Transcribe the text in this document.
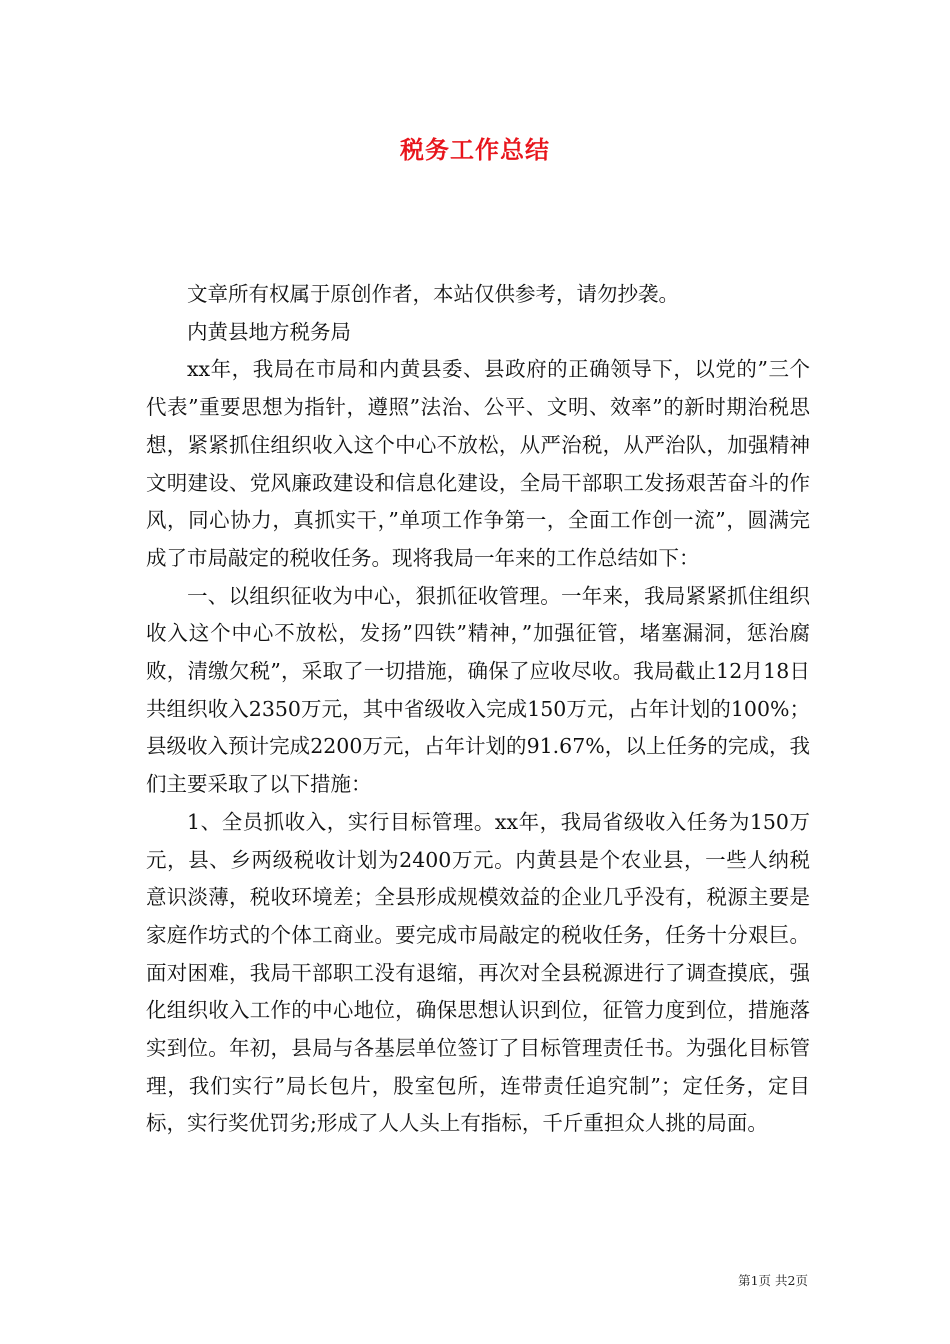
税务工作总结

文章所有权属于原创作者，本站仅供参考，请勿抄袭。

内黄县地方税务局

xx年，我局在市局和内黄县委、县政府的正确领导下，以党的”三个代表”重要思想为指针，遵照”法治、公平、文明、效率”的新时期治税思想，紧紧抓住组织收入这个中心不放松，从严治税，从严治队，加强精神文明建设、党风廉政建设和信息化建设，全局干部职工发扬艰苦奋斗的作风，同心协力，真抓实干，”单项工作争第一，全面工作创一流”，圆满完成了市局敲定的税收任务。现将我局一年来的工作总结如下：

一、以组织征收为中心，狠抓征收管理。一年来，我局紧紧抓住组织收入这个中心不放松，发扬”四铁”精神，”加强征管，堵塞漏洞，惩治腐败，清缴欠税”，采取了一切措施，确保了应收尽收。我局截止12月18日共组织收入2350万元，其中省级收入完成150万元，占年计划的100%；县级收入预计完成2200万元，占年计划的91.67%，以上任务的完成，我们主要采取了以下措施：

1、全员抓收入，实行目标管理。xx年，我局省级收入任务为150万元，县、乡两级税收计划为2400万元。内黄县是个农业县，一些人纳税意识淡薄，税收环境差；全县形成规模效益的企业几乎没有，税源主要是家庭作坊式的个体工商业。要完成市局敲定的税收任务，任务十分艰巨。面对困难，我局干部职工没有退缩，再次对全县税源进行了调查摸底，强化组织收入工作的中心地位，确保思想认识到位，征管力度到位，措施落实到位。年初，县局与各基层单位签订了目标管理责任书。为强化目标管理，我们实行”局长包片，股室包所，连带责任追究制”；定任务，定目标，实行奖优罚劣;形成了人人头上有指标，千斤重担众人挑的局面。

第1页 共2页
